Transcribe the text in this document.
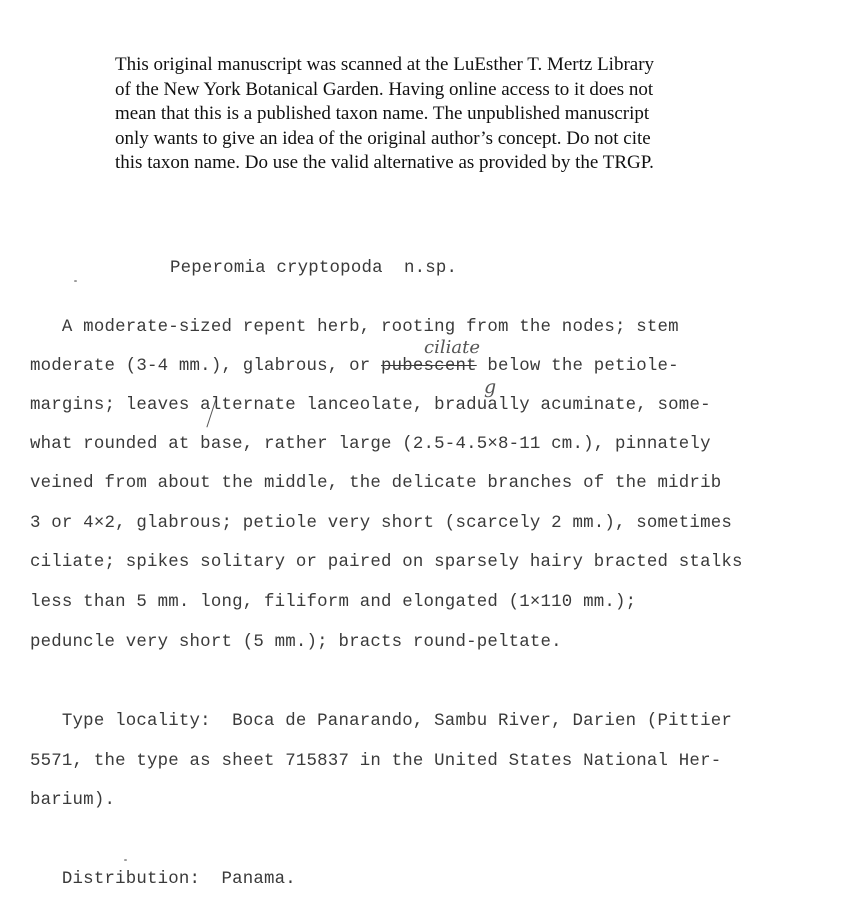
This original manuscript was scanned at the LuEsther T. Mertz Library
of the New York Botanical Garden. Having online access to it does not
mean that this is a published taxon name. The unpublished manuscript
only wants to give an idea of the original author’s concept. Do not cite
this taxon name. Do use the valid alternative as provided by the TRGP.
Peperomia cryptopoda  n.sp.
A moderate-sized repent herb, rooting from the nodes; stem
ciliate
moderate (3-4 mm.), glabrous, or pubescent below the petiole-
g
margins; leaves alternate lanceolate, bradually acuminate, some-
what rounded at base, rather large (2.5-4.5×8-11 cm.), pinnately
veined from about the middle, the delicate branches of the midrib
3 or 4×2, glabrous; petiole very short (scarcely 2 mm.), sometimes
ciliate; spikes solitary or paired on sparsely hairy bracted stalks
less than 5 mm. long, filiform and elongated (1×110 mm.);
peduncle very short (5 mm.); bracts round-peltate.
Type locality:  Boca de Panarando, Sambu River, Darien (Pittier
5571, the type as sheet 715837 in the United States National Her-
barium).
Distribution:  Panama.
